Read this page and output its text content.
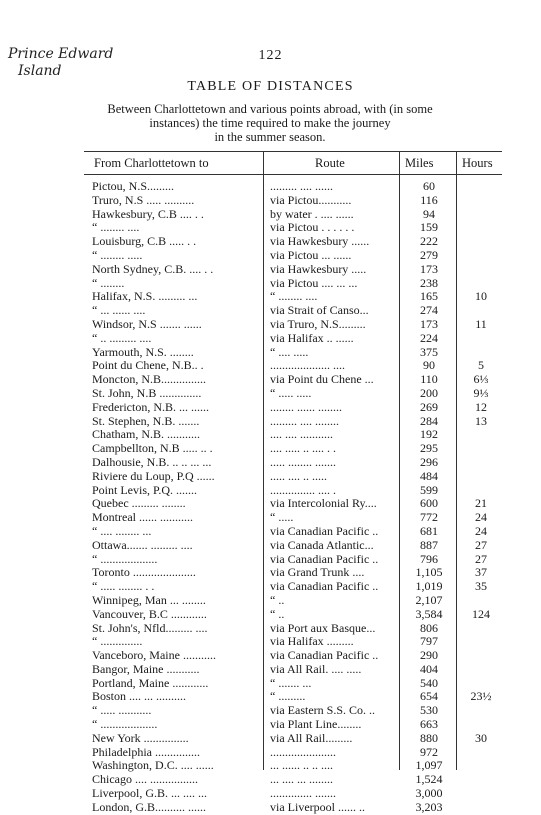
Prince Edward
Island
122
TABLE OF DISTANCES
Between Charlottetown and various points abroad, with (in some
instances) the time required to make the journey
in the summer season.
From Charlottetown to	Route	Miles Hours
Pictou, N.S.........	......... .... ......	60
Truro, N.S ..... ..........	via Pictou...........	116
Hawkesbury, C.B .... . .	by water . .... ......	94
“ ........ ....	via Pictou . . . . . .	159
Louisburg, C.B ..... . .	via Hawkesbury ......	222
“ ........ .....	via Pictou ... ......	279
North Sydney, C.B. .... . .	via Hawkesbury .....	173
“ ........	via Pictou .... ... ...	238
Halifax, N.S. ......... ...	“ ........ ....	165	10
“ ... ...... ....	via Strait of Canso...	274
Windsor, N.S ....... ......	via Truro, N.S.........	173	11
“ .. ......... ....	via Halifax .. ......	224
Yarmouth, N.S. ........	“ .... .....	375
Point du Chene, N.B.. .	.................... ....	90	5
Moncton, N.B...............	via Point du Chene ...	110	6⅓
St. John, N.B ..............	“ ..... .....	200	9⅓
Fredericton, N.B. ... ......	........ ...... ........	269	12
St. Stephen, N.B. .......	......... .... ........	284	13
Chatham, N.B. ...........	.... .... ...........	192
Campbellton, N.B ..... .. .	.... ..... .. .... . .	295
Dalhousie, N.B. .. .. ... ...	..... ........ .......	296
Riviere du Loup, P.Q ......	..... .... .. .....	484
Point Levis, P.Q. .......	............... .... .	599
Quebec ......... ........	via Intercolonial Ry....	600	21
Montreal ...... ...........	“ .....	772	24
“ .... ........ ...	via Canadian Pacific ..	681	24
Ottawa....... ......... ....	via Canada Atlantic...	887	27
“ ...................	via Canadian Pacific ..	796	27
Toronto .....................	via Grand Trunk ....	1,105	37
“ ..... ........ . .	via Canadian Pacific ..	1,019	35
Winnipeg, Man ... ........	“ ..	2,107
Vancouver, B.C ............	“ ..	3,584	124
St. John's, Nfld......... ....	via Port aux Basque...	806
“ ..............	via Halifax .........	797
Vanceboro, Maine ...........	via Canadian Pacific ..	290
Bangor, Maine ...........	via All Rail. .... .....	404
Portland, Maine ............	“ ....... ...	540
Boston .... ... ..........	“ .........	654	23½
“ ..... ...........	via Eastern S.S. Co. ..	530
“ ...................	via Plant Line........	663
New York ...............	via All Rail.........	880	30
Philadelphia ...............	......................	972
Washington, D.C. .... ......	... ...... .. .. ....	1,097
Chicago .... ................	... .... ... ........	1,524
Liverpool, G.B. ... .... ...	.............. .......	3,000
London, G.B.......... ......	via Liverpool ...... ..	3,203
